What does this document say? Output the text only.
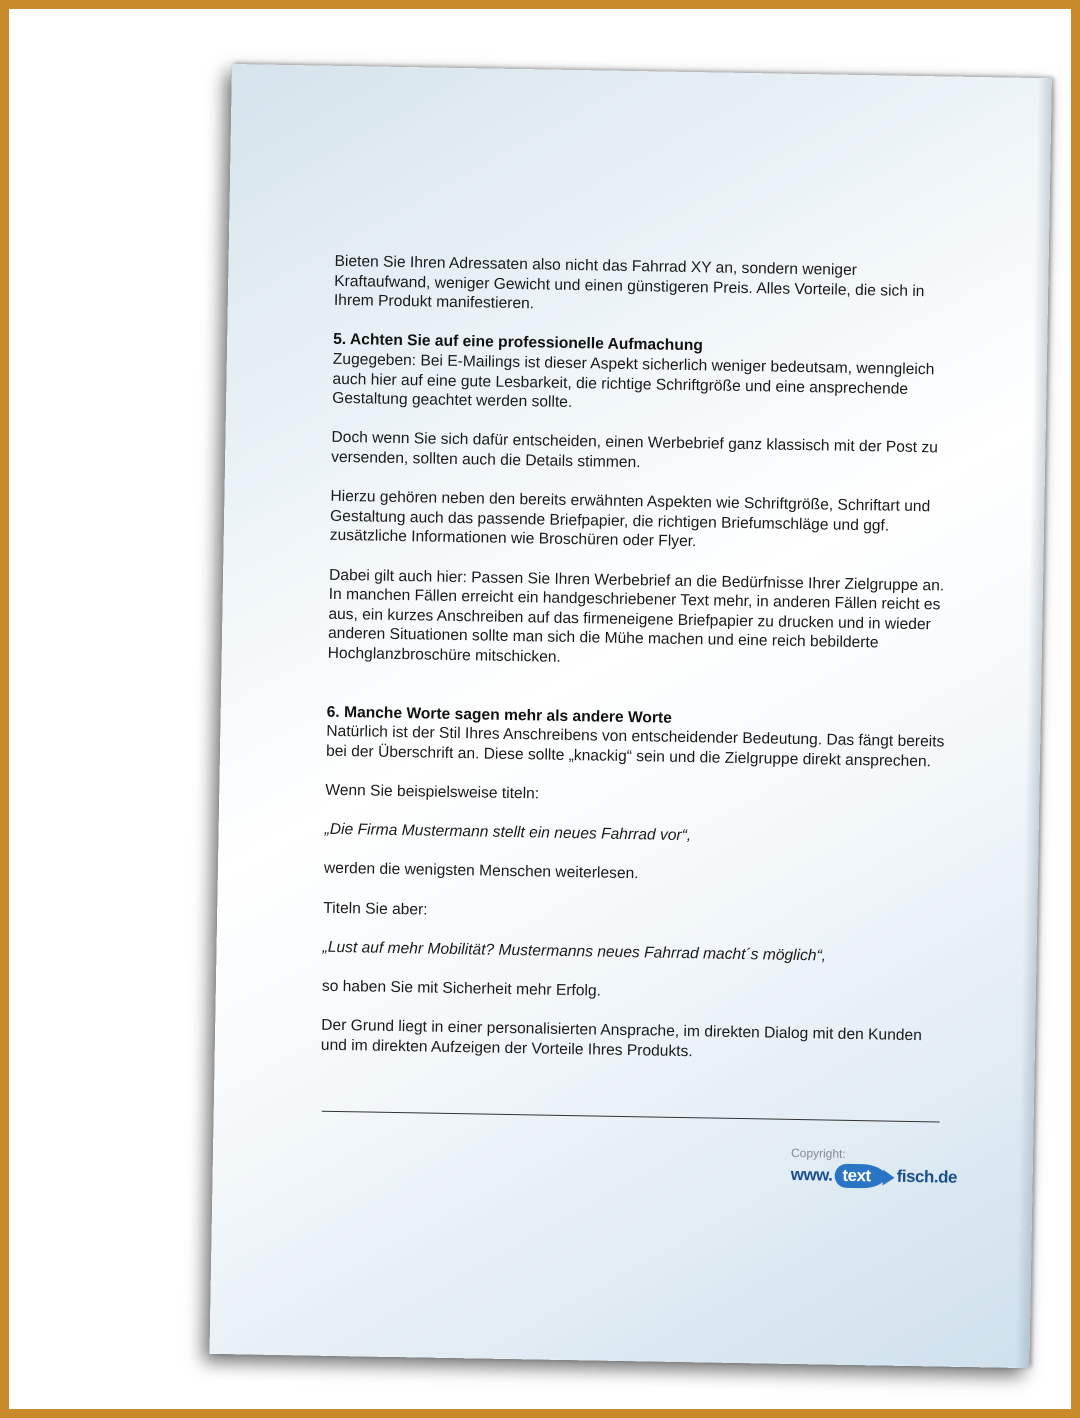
Bieten Sie Ihren Adressaten also nicht das Fahrrad XY an, sondern weniger Kraftaufwand, weniger Gewicht und einen günstigeren Preis. Alles Vorteile, die sich in Ihrem Produkt manifestieren.

5. Achten Sie auf eine professionelle Aufmachung

Zugegeben: Bei E-Mailings ist dieser Aspekt sicherlich weniger bedeutsam, wenngleich auch hier auf eine gute Lesbarkeit, die richtige Schriftgröße und eine ansprechende Gestaltung geachtet werden sollte.

Doch wenn Sie sich dafür entscheiden, einen Werbebrief ganz klassisch mit der Post zu versenden, sollten auch die Details stimmen.

Hierzu gehören neben den bereits erwähnten Aspekten wie Schriftgröße, Schriftart und Gestaltung auch das passende Briefpapier, die richtigen Briefumschläge und ggf. zusätzliche Informationen wie Broschüren oder Flyer.

Dabei gilt auch hier: Passen Sie Ihren Werbebrief an die Bedürfnisse Ihrer Zielgruppe an. In manchen Fällen erreicht ein handgeschriebener Text mehr, in anderen Fällen reicht es aus, ein kurzes Anschreiben auf das firmeneigene Briefpapier zu drucken und in wieder anderen Situationen sollte man sich die Mühe machen und eine reich bebilderte Hochglanzbroschüre mitschicken.

6. Manche Worte sagen mehr als andere Worte

Natürlich ist der Stil Ihres Anschreibens von entscheidender Bedeutung. Das fängt bereits bei der Überschrift an. Diese sollte „knackig“ sein und die Zielgruppe direkt ansprechen.

Wenn Sie beispielsweise titeln:

„Die Firma Mustermann stellt ein neues Fahrrad vor“,

werden die wenigsten Menschen weiterlesen.

Titeln Sie aber:

„Lust auf mehr Mobilität? Mustermanns neues Fahrrad macht´s möglich“,

so haben Sie mit Sicherheit mehr Erfolg.

Der Grund liegt in einer personalisierten Ansprache, im direkten Dialog mit den Kunden und im direkten Aufzeigen der Vorteile Ihres Produkts.

Copyright:
www. text	fisch.de
